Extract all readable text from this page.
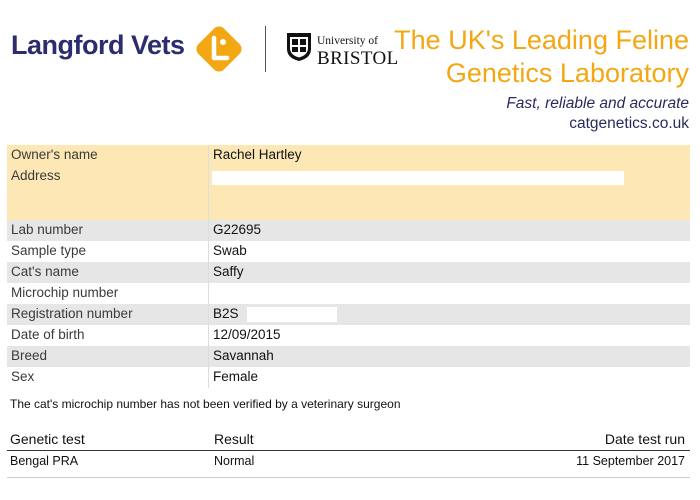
Langford Vets	University of
BRISTOL
The UK's Leading Feline
Genetics Laboratory
Fast, reliable and accurate
catgenetics.co.uk
Owner's name	Rachel Hartley
Address	
Lab number	G22695
Sample type	Swab
Cat's name	Saffy
Microchip number	
Registration number	B2S
Date of birth	12/09/2015
Breed	Savannah
Sex	Female
The cat's microchip number has not been verified by a veterinary surgeon
Genetic test	Result	Date test run
Bengal PRA	Normal	11 September 2017
